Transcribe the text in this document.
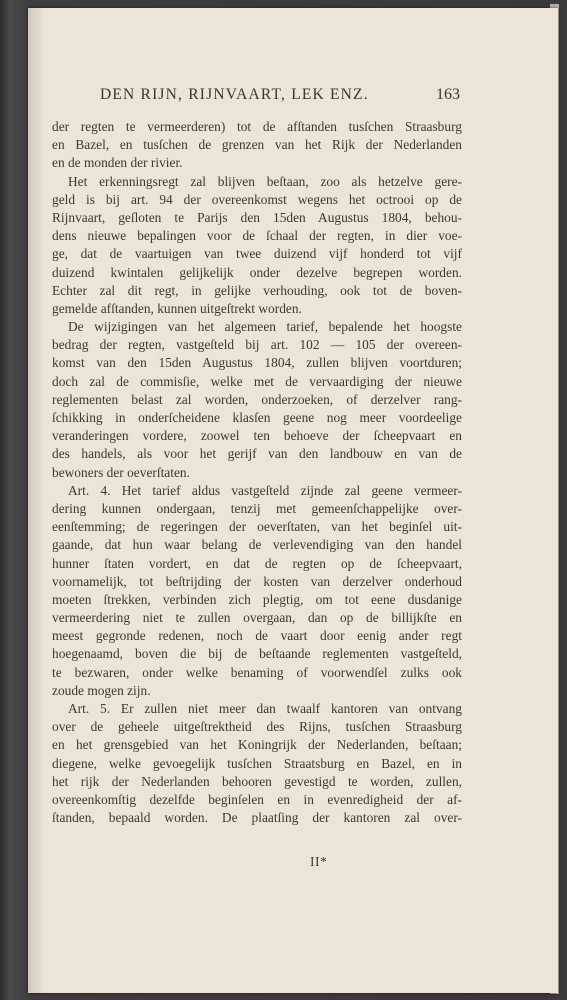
DEN RIJN, RIJNVAART, LEK ENZ.	163
der regten te vermeerderen) tot de afſtanden tusſchen Straasburg
en Bazel, en tusſchen de grenzen van het Rijk der Nederlanden
en de monden der rivier.
Het erkenningsregt zal blijven beſtaan, zoo als hetzelve gere-
geld is bij art. 94 der overeenkomst wegens het octrooi op de
Rijnvaart, geſloten te Parijs den 15den Augustus 1804, behou-
dens nieuwe bepalingen voor de ſchaal der regten, in dier voe-
ge, dat de vaartuigen van twee duizend vijf honderd tot vijf
duizend kwintalen gelijkelijk onder dezelve begrepen worden.
Echter zal dit regt, in gelijke verhouding, ook tot de boven-
gemelde afſtanden, kunnen uitgeſtrekt worden.
De wijzigingen van het algemeen tarief, bepalende het hoogste
bedrag der regten, vastgeſteld bij art. 102 — 105 der overeen-
komst van den 15den Augustus 1804, zullen blijven voortduren;
doch zal de commisſie, welke met de vervaardiging der nieuwe
reglementen belast zal worden, onderzoeken, of derzelver rang-
ſchikking in onderſcheidene klasſen geene nog meer voordeelige
veranderingen vordere, zoowel ten behoeve der ſcheepvaart en
des handels, als voor het gerijf van den landbouw en van de
bewoners der oeverſtaten.
Art. 4. Het tarief aldus vastgeſteld zijnde zal geene vermeer-
dering kunnen ondergaan, tenzij met gemeenſchappelijke over-
eenſtemming; de regeringen der oeverſtaten, van het beginſel uit-
gaande, dat hun waar belang de verlevendiging van den handel
hunner ſtaten vordert, en dat de regten op de ſcheepvaart,
voornamelijk, tot beſtrijding der kosten van derzelver onderhoud
moeten ſtrekken, verbinden zich plegtig, om tot eene dusdanige
vermeerdering niet te zullen overgaan, dan op de billijkſte en
meest gegronde redenen, noch de vaart door eenig ander regt
hoegenaamd, boven die bij de beſtaande reglementen vastgeſteld,
te bezwaren, onder welke benaming of voorwendſel zulks ook
zoude mogen zijn.
Art. 5. Er zullen niet meer dan twaalf kantoren van ontvang
over de geheele uitgeſtrektheid des Rijns, tusſchen Straasburg
en het grensgebied van het Koningrijk der Nederlanden, beſtaan;
diegene, welke gevoegelijk tusſchen Straatsburg en Bazel, en in
het rijk der Nederlanden behooren gevestigd te worden, zullen,
overeenkomſtig dezelfde beginſelen en in evenredigheid der af-
ſtanden, bepaald worden. De plaatſing der kantoren zal over-
II*
